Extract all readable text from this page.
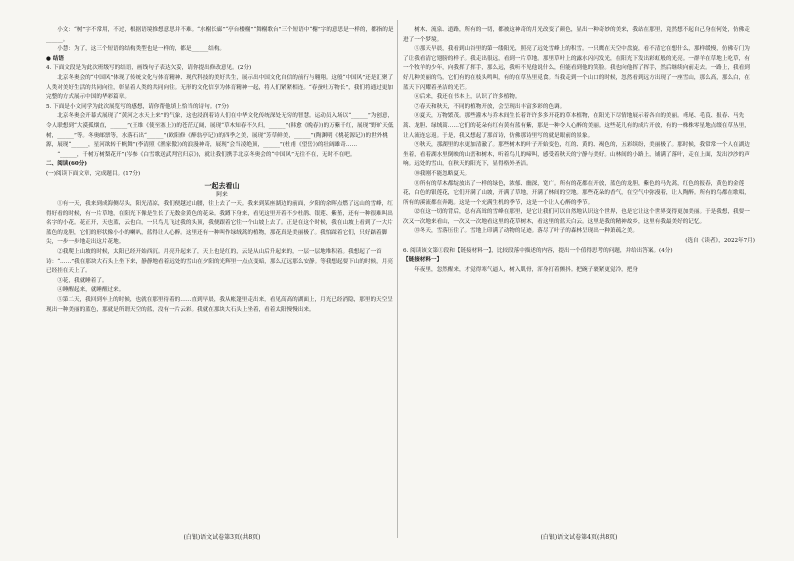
小文：“树”字不常用，不过，根据语境推想意思并不难。“水榭长廊”“亭台楼榭”“舞榭歌台”三个短语中“榭”字的意思是一样的，都指的是______。

小慧：为了，这三个短语的结构类型也是一样的，都是______结构。

● 结语

4. 下面文段是为此次班级写的结语，画线句子表达欠妥，请你提出修改意见。(2分)

北京冬奥会的“中国风”体现了传统文化与体育精神、现代科技的美好共生，展示出中国文化自信的前行与翱翔。这般“中国风”还是汇聚了人类对美好生活的共同向往，彰显着人类的共同向往。无形的文化信享为体育精神一起，将人们紧紧相连。“春蚕吐万物长”，我们将通过更加完整的方式展示中国的华彩篇章。

5. 下面是小文同学为此次展览写的感想，请你帮他填上恰当的诗句。(7分)

北京冬奥会开幕式展现了“黄河之水天上来”的气象，这也浸润着诗人们在中华文化传统深处无穷的智慧。运动员入场以“______”为创意，令人联想到“大漠孤烟直，______”(王维《使至塞上》)的苍茫辽阔，展现“草木知春不久归，______”(韩愈《晚春》)的万紫千红，展现“野旷天低树，______”等。冬奥邮票等，水落石出“______”(欧阳修《醉翁亭记》)的四季之美，展现“芳草鲜美，______”(陶渊明《桃花源记》)的世外桃源，展现“______，星河欲转千帆舞”(李清照《渔家傲》)的浪漫神奇，展现“会当凌绝顶，______”(杜甫《望岳》)的壮阔雄奇……

“______，千树万树梨花开”(岑参《白雪歌送武判官归京》)，就让我们携手北京冬奥会的“中国风”无往不在，无时不在吧。

二、阅读(60分)

(一)阅读下面文章，完成题目。(17分)

一起去看山

阿来

①有一天，我来到成海侧尽头，阳光清凉，我们便越过山腰，往上去了一天。我来到某座湖边的前面，夕阳的余晖点燃了远山的雪峰，红得好看的时候，有一片草地，在阳光下像是生长了无数金黄色的花朵。我蹲下身来，看见这里开着不少杜鹃、银莲、紫堇，还有一种很难叫出名字的小花。花正开，天也蓝，云也白，一只鸟儿飞过我的头顶，我便跟着它往一个山坡上去了。正是在这个时候，我在山坡上看到了一大片蓝色的龙胆，它们的形状像小小的喇叭，蓝得让人心醉。这里还有一种叫作绿绒蒿的植物，那花真是美丽极了。我怕踩着它们，只好踮着脚尖，一步一步地走出这片花地。

②我爬上山坡的时候，太阳已经开始西沉。月亮升起来了，天上也是红的，云是从山后升起来的，一层一层地堆积着。我想起了一首诗：“……”我在那块大石头上坐下来，静静地看着远处的雪山在夕阳的光辉里一点点变暗，那么辽远那么安静。等我想起要下山的时候，月亮已经挂在天上了。

③花，我就睡着了。

④睡醒起来，就睡醒过来。

⑤第二天，我回到车上的时候，也就在那里待着的……直到早晨，我从帐篷里走出来，看见高高的湖面上，月光已经消隐，那里的天空呈现出一种美丽的蓝色，那就是所谓天空的蓝，没有一片云彩。我就在那块大石头上坐着，看着太阳慢慢出来。

树木、流泉、道路，所有的一切，都被这神奇的月光改变了颜色，显出一种奇妙的美来，我站在那里，竟然想不起自己身在何处，仿佛走进了一个梦境。

⑤那天早晨，我看到山谷里的第一缕阳光，照亮了远处雪峰上的积雪。一只鹰在天空中盘旋，看不清它在想什么，那样缓慢，仿佛专门为了让我看清它翅膀的样子。我走出很远，看到一片草地。那里草叶上的露水闪闪发光，在阳光下发出彩虹般的光亮。一群羊在草地上吃草，有一个牧羊的少年，向我挥了挥手，那么远，我听不见他说什么，但能看到他的笑脸。我也向他挥了挥手，然后继续向前走去。一路上，我看到好几种美丽的鸟，它们有的在枝头鸣叫，有的在草丛里觅食。当我走到一个山口的时候，忽然看到远方出现了一座雪山，那么高，那么白，在蓝天下闪耀着圣洁的光芒。

⑥后来，我还在书本上，认识了许多植物。

⑦春天和秋天，不同的植物开放，会呈现出丰富多彩的色调。

⑧夏天，万物繁茂。那些灌木与乔木间生长着许许多多开花的草本植物，在阳光下尽情地展示着各自的美丽。鸢尾、毛茛、报春、马先蒿、龙胆、绿绒蒿……它们的花朵有红有黄有蓝有紫，那是一种令人心醉的美丽。这些花儿有的成片开放，有的一株株零星地点缀在草丛里，让人流连忘返。于是，我又想起了那首诗，仿佛那诗里写的就是眼前的景象。

⑨秋天，那湖里的水更加清澈了。那些树木的叶子开始变色，红的、黄的、褐色的，五彩缤纷，美丽极了。那时候，我常常一个人在湖边坐着，看着湖水里倒映的山峦和树木，听着鸟儿的啼叫，感受着秋天的宁静与美好。山林间的小路上，铺满了落叶，走在上面，发出沙沙的声响。远处的雪山，在秋天的阳光下，显得格外圣洁。

⑩我刚不能忽略夏天。

⑪所有的草木都绽放出了一样的绿色，浓郁、幽深，宽广。所有的花都在开放，蓝色的龙胆，紫色的马先蒿，红色的报春，黄色的金莲花，白色的银莲花，它们开满了山坡，开满了草地，开满了林间的空地。那些花朵的香气，在空气中弥漫着，让人陶醉。所有的鸟都在歌唱，所有的溪流都在奔跑。这是一个充满生机的季节，这是一个让人心醉的季节。

⑫在这一切的背后，总有高耸的雪峰在那里，是它让我们可以自然地认识这个世界，也是它让这个世界变得更加美丽。于是我想，我要一次又一次地来看山，一次又一次地看这里的花草树木，看这里的蓝天白云。这里是我的精神故乡，这里有我最美好的记忆。

⑬冬天，雪落压住了。雪地上印满了动物的足迹。落尽了叶子的森林呈现出一种萧疏之美。

(选自《读者》，2022年7月)

6. 阅读该文第①段和【链接材料一】，比较段落中描述的内容，提出一个值得思考的问题，并给出答案。(4分)

【链接材料一】

年夜里，忽然醒来，才觉得寒气逼人，树入肌骨，浑身打着颤抖。把碗子裹紧更觉冷，把身

(白银)语文试卷第3页(共8页)	(白银)语文试卷第4页(共8页)
